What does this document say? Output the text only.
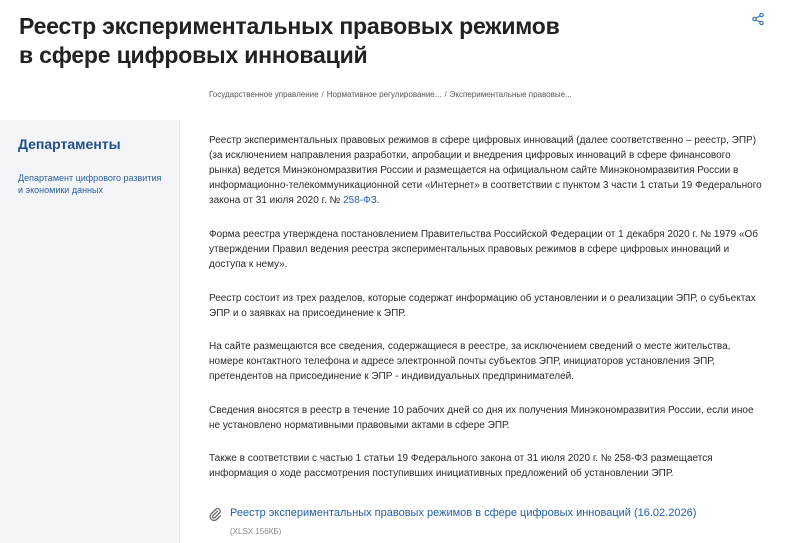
Реестр экспериментальных правовых режимов в сфере цифровых инноваций
Государственное управление / Нормативное регулирование... / Экспериментальные правовые...
Департаменты
Департамент цифрового развития и экономики данных

Реестр экспериментальных правовых режимов в сфере цифровых инноваций (далее соответственно – реестр, ЭПР) (за исключением направления разработки, апробации и внедрения цифровых инноваций в сфере финансового рынка) ведется Минэкономразвития России и размещается на официальном сайте Минэкономразвития России в информационно-телекоммуникационной сети «Интернет» в соответствии с пунктом 3 части 1 статьи 19 Федерального закона от 31 июля 2020 г. № 258-ФЗ.

Форма реестра утверждена постановлением Правительства Российской Федерации от 1 декабря 2020 г. № 1979 «Об утверждении Правил ведения реестра экспериментальных правовых режимов в сфере цифровых инноваций и доступа к нему».

Реестр состоит из трех разделов, которые содержат информацию об установлении и о реализации ЭПР, о субъектах ЭПР и о заявках на присоединение к ЭПР.

На сайте размещаются все сведения, содержащиеся в реестре, за исключением сведений о месте жительства, номере контактного телефона и адресе электронной почты субъектов ЭПР, инициаторов установления ЭПР, претендентов на присоединение к ЭПР - индивидуальных предпринимателей.

Сведения вносятся в реестр в течение 10 рабочих дней со дня их получения Минэкономразвития России, если иное не установлено нормативными правовыми актами в сфере ЭПР.

Также в соответствии с частью 1 статьи 19 Федерального закона от 31 июля 2020 г. № 258-ФЗ размещается информация о ходе рассмотрения поступивших инициативных предложений об установлении ЭПР.

Реестр экспериментальных правовых режимов в сфере цифровых инноваций (16.02.2026)
(XLSX 156КБ)
